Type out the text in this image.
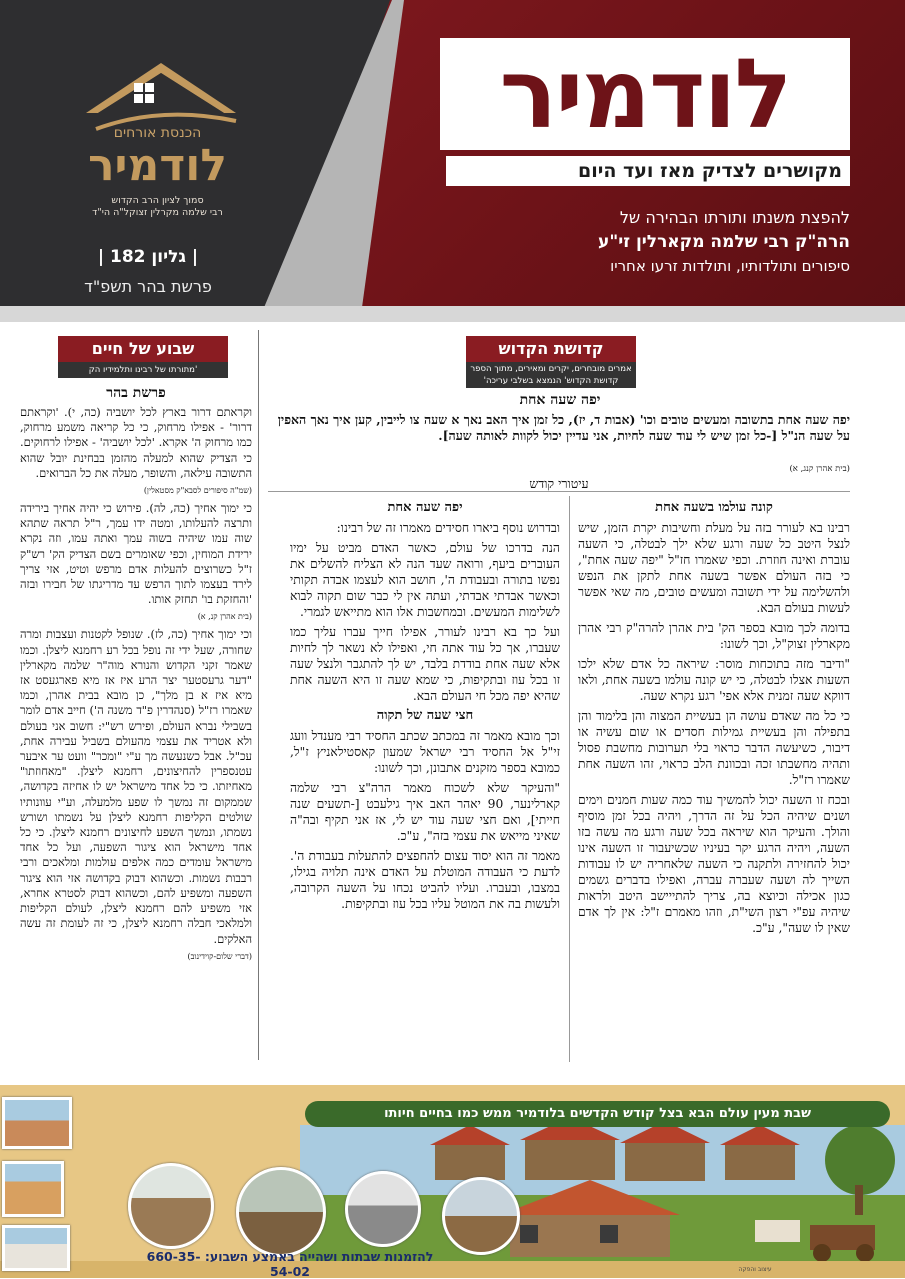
הכנסת אורחים
לודמיר
סמוך לציון הרב הקדוש
רבי שלמה מקרלין זצוקל"ה הי"ד
| גליון 182 |
פרשת בהר תשפ"ד
לודמיר
מקושרים לצדיק מאז ועד היום
להפצת משנתו ותורתו הבהירה של
הרה"ק רבי שלמה מקארלין זי"ע
סיפורים ותולדותיו, ותולדות זרעו אחריו
קדושת הקדוש
אמרים מובחרים, יקרים ומאירים, מתוך הספר
'קדושת הקדוש' הנמצא בשלבי עריכה
יפה שעה אחת
יפה שעה אחת בתשובה ומעשים טובים וכו' (אבות ד, יז), כל זמן איך האב נאך א שעה צו לייבין, קען איך נאך האפין על שעה הנ"ל [-כל זמן שיש לי עוד שעה לחיות, אני עדיין יכול לקוות לאותה שעה].
(בית אהרן קנג, א)
עיטורי קודש
קונה עולמו בשעה אחת

רבינו בא לעורר בזה על מעלת וחשיבות יקרת הזמן, שיש לנצל היטב כל שעה ורגע שלא ילך לבטלה, כי השעה עוברת ואינה חוזרת. וכפי שאמרו חז"ל "יפה שעה אחת", כי בזה העולם אפשר בשעה אחת לתקן את הנפש ולהשלימה על ידי תשובה ומעשים טובים, מה שאי אפשר לעשות בעולם הבא.

בדומה לכך מובא בספר הק' בית אהרן להרה"ק רבי אהרן מקארלין זצוק"ל, וכך לשונו:

"ודיבר מזה בתוכחות מוסר: שיראה כל אדם שלא ילכו השעות אצלו לבטלה, כי יש קונה עולמו בשעה אחת, ולאו דווקא שעה זמנית אלא אפי' רגע נקרא שעה.

כי כל מה שאדם עושה הן בעשיית המצוה והן בלימוד והן בתפילה והן בעשיית גמילות חסדים או שום עשיה או דיבור, כשיעשה הדבר כראוי בלי תערובות מחשבת פסול ותהיה מחשבתו זכה ובכוונת הלב כראוי, זהו השעה אחת שאמרו רז"ל.

ובכח זו השעה יכול להמשיך עוד כמה שעות חמנים וימים ושנים שיהיה הכל על זה הדרך, ויהיה בכל זמן מוסיף והולך. והעיקר הוא שיראה בכל שעה ורגע מה עשה בזו השעה, ויהיה הרגע יקר בעיניו שכשיעבור זו השעה אינו יכול להחזירה ולתקנה כי השעה שלאחריה יש לו עבודות השייך לה ושעה שעברה עברה, ואפילו בדברים גשמים כגון אכילה וכיוצא בה, צריך להתייישב היטב ולראות שיהיה עפ"י רצון השי"ת, וזהו מאמרם ז"ל: אין לך אדם שאין לו שעה", ע"כ.

יפה שעה אחת

ובדרוש נוסף ביארו חסידים מאמרו זה של רבינו:

הנה בדרכו של עולם, כאשר האדם מביט על ימיו העוברים ביעף, ורואה שעד הנה לא הצליח להשלים את נפשו בתורה ובעבודת ה', חושב הוא לעצמו אבדה תקותי וכאשר אבדתי אבדתי, ועתה אין לי כבר שום תקוה לבוא לשלימות המעשים. ובמחשבות אלו הוא מתייאש לגמרי.

ועל כך בא רבינו לעורר, אפילו חייך עברו עליך כמו שעברו, אך כל עוד אתה חי, ואפילו לא נשאר לך לחיות אלא שעה אחת בודדת בלבד, יש לך להתגבר ולנצל שעה זו בכל עוז ובתקיפות, כי שמא שעה זו היא השעה אחת שהיא יפה מכל חי העולם הבא.

חצי שעה של תקוה

וכך מובא מאמר זה במכתב שכתב החסיד רבי מענדל וועג זי"ל אל החסיד רבי ישראל שמעון קאסטילאניץ ז"ל, כמובא בספר מזקנים אתבונן, וכך לשונו:

"והעיקר שלא לשכוח מאמר הרה"צ רבי שלמה קארלינער, 90 יאהר האב איך גילעבט [-תשעים שנה חייתי], ואם חצי שעה עוד יש לי, אז אני תקיף ובה"ה שאיני מייאש את עצמי בזה", ע"כ.

מאמר זה הוא יסוד עצום להחפצים להתעלות בעבודת ה'. לדעת כי העבודה המוטלת על האדם אינה תלויה בגילו, במצבו, ובעברו. ועליו להביט נכחו על השעה הקרובה, ולעשות בה את המוטל עליו בכל עוז ובתקיפות.

שבוע של חיים
מתורתו של רבינו ותלמידיו הק'
פרשת בהר

וקראתם דרור בארץ לכל יושביה (כה, י). 'וקראתם דרור' - אפילו מרחוק, כי כל קריאה משמע מרחוק, כמו מרחוק ה' אקרא. 'לכל יושביה' - אפילו לרחוקים. כי הצדיק שהוא למעלה מהזמן בבחינת יובל שהוא התשובה עילאה, והשופר, מעלה את כל הברואים.

(שמ"ה סיפורים לסבא"ק מסטאלין)

כי ימוך אחיך (כה, לה). פירוש כי יהיה אחיך בירידה ותרצה להעלותו, ומטה ידו עמך, ר"ל תראה שתהא שוה עמו שיהיה בשוה עמך ואתה עמו, וזה נקרא ירידת המוחין, וכפי שאומרים בשם הצדיק הק' רש"ק ז"ל כשרוצים להעלות אדם מרפש וטיט, אזי צריך לירד בעצמו לתוך הרפש עד מדריגתו של חבירו ובזה 'והחזקת בו' תחזק אותו.

(בית אהרן קנ, א)

וכי ימוך אחיך (כה, לז). שנופל לקטנות ועצבות ומרה שחורה, שעל ידי זה נופל בכל רע רחמנא ליצלן. וכמו שאמר זקני הקדוש והנורא מוה"ר שלמה מקארלין "דער גרעסטער יצר הרע איז אז מיא פארגעסט אז מיא איז א בן מלך", כן מובא בבית אהרן, וכמו שאמרו רז"ל (סנהדרין פ"ד משנה ה') חייב אדם לומר בשבילי נברא העולם, ופירש רש"י: חשוב אני בעולם ולא אטריד את עצמי מהעולם בשביל עבירה אחת, עכ"ל. אבל כשנעשה מך ע"י "ומכר" וועט ער איבער עטנספרין להחיצונים, רחמנא ליצלן. "מאחוזתו" מאחיזתו. כי כל אחד מישראל יש לו אחיזה בקדושה, שממקום זה נמשך לו שפע מלמעלה, וע"י עוונותיו שולטים הקליפות רחמנא ליצלן על נשמתו ושורש נשמתו, ונמשך השפע לחיצונים רחמנא ליצלן. כי כל אחד מישראל הוא ציגור השפעה, ועל כל אחד מישראל עומדים כמה אלפים עולמות ומלאכים ורבי רבבות נשמות. וכשהוא דבוק בקדושה אזי הוא ציגור השפעה ומשפיע להם, וכשהוא דבוק לסטרא אחרא, אזי משפיע להם רחמנא ליצלן, לעולם הקליפות ולמלאכי חבלה רחמנא ליצלן, כי זה לעומת זה עשה האלקים.

(דברי שלום-קוידינוב)

שבת מעין עולם הבא בצל קודש הקדשים בלודמיר ממש כמו בחיים חיותו
להזמנות שבתות ושהייה באמצע השבוע: 660-35-54-02	עיצוב והפקה
